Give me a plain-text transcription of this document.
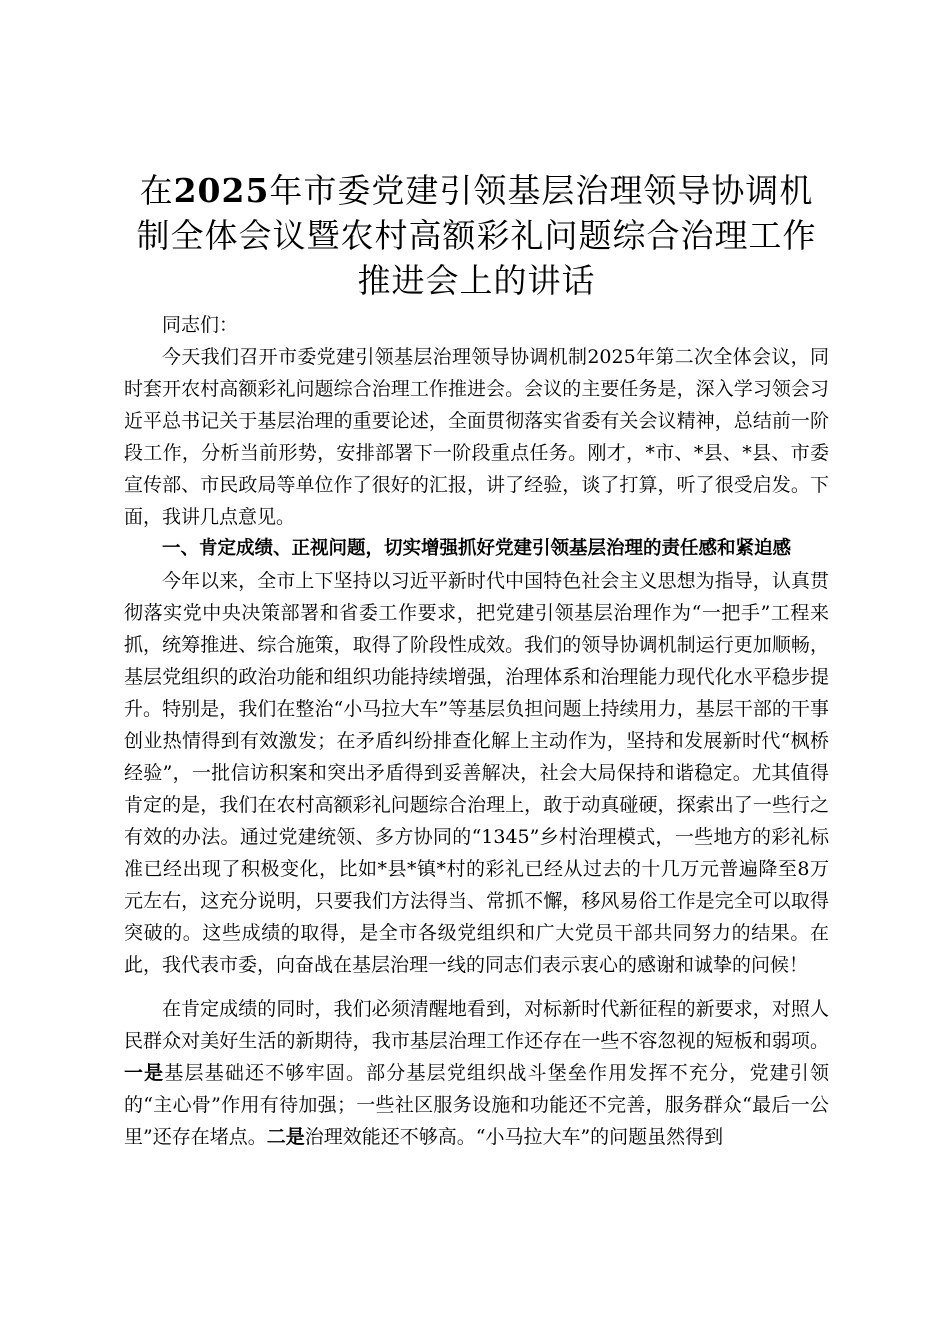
在2025年市委党建引领基层治理领导协调机制全体会议暨农村高额彩礼问题综合治理工作推进会上的讲话

同志们：

今天我们召开市委党建引领基层治理领导协调机制2025年第二次全体会议，同时套开农村高额彩礼问题综合治理工作推进会。会议的主要任务是，深入学习领会习近平总书记关于基层治理的重要论述，全面贯彻落实省委有关会议精神，总结前一阶段工作，分析当前形势，安排部署下一阶段重点任务。刚才，*市、*县、*县、市委宣传部、市民政局等单位作了很好的汇报，讲了经验，谈了打算，听了很受启发。下面，我讲几点意见。

一、肯定成绩、正视问题，切实增强抓好党建引领基层治理的责任感和紧迫感

今年以来，全市上下坚持以习近平新时代中国特色社会主义思想为指导，认真贯彻落实党中央决策部署和省委工作要求，把党建引领基层治理作为“一把手”工程来抓，统筹推进、综合施策，取得了阶段性成效。我们的领导协调机制运行更加顺畅，基层党组织的政治功能和组织功能持续增强，治理体系和治理能力现代化水平稳步提升。特别是，我们在整治“小马拉大车”等基层负担问题上持续用力，基层干部的干事创业热情得到有效激发；在矛盾纠纷排查化解上主动作为，坚持和发展新时代“枫桥经验”，一批信访积案和突出矛盾得到妥善解决，社会大局保持和谐稳定。尤其值得肯定的是，我们在农村高额彩礼问题综合治理上，敢于动真碰硬，探索出了一些行之有效的办法。通过党建统领、多方协同的“1345”乡村治理模式，一些地方的彩礼标准已经出现了积极变化，比如*县*镇*村的彩礼已经从过去的十几万元普遍降至8万元左右，这充分说明，只要我们方法得当、常抓不懈，移风易俗工作是完全可以取得突破的。这些成绩的取得，是全市各级党组织和广大党员干部共同努力的结果。在此，我代表市委，向奋战在基层治理一线的同志们表示衷心的感谢和诚挚的问候！

在肯定成绩的同时，我们必须清醒地看到，对标新时代新征程的新要求，对照人民群众对美好生活的新期待，我市基层治理工作还存在一些不容忽视的短板和弱项。一是基层基础还不够牢固。部分基层党组织战斗堡垒作用发挥不充分，党建引领的“主心骨”作用有待加强；一些社区服务设施和功能还不完善，服务群众“最后一公里”还存在堵点。二是治理效能还不够高。“小马拉大车”的问题虽然得到
